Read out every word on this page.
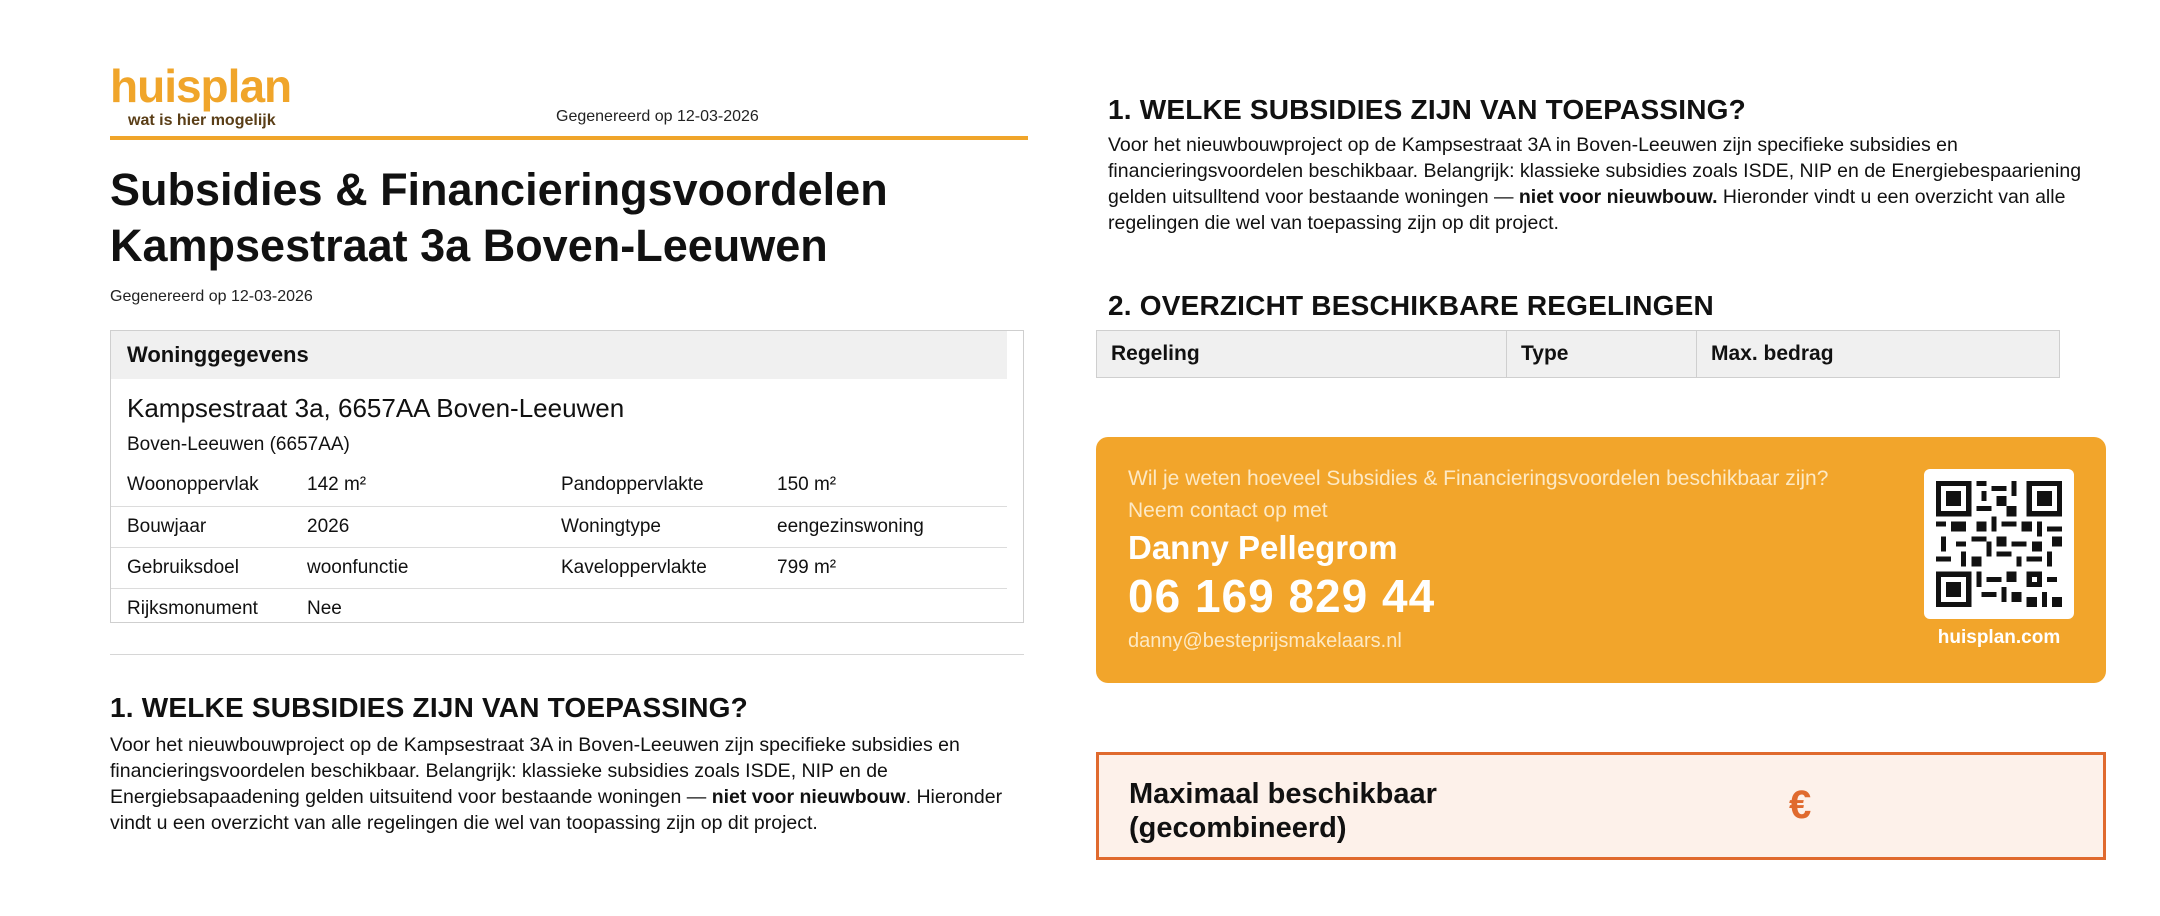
huisplan
wat is hier mogelijk	Gegenereerd op 12-03-2026
Subsidies & Financieringsvoordelen
Kampsestraat 3a Boven-Leeuwen
Gegenereerd op 12-03-2026
Woninggegevens
Kampsestraat 3a, 6657AA Boven-Leeuwen
Boven-Leeuwen (6657AA)
Woonoppervlak	142 m²	Pandoppervlakte	150 m²
Bouwjaar	2026	Woningtype	eengezinswoning
Gebruiksdoel	woonfunctie	Kaveloppervlakte	799 m²
Rijksmonument	Nee		
1. WELKE SUBSIDIES ZIJN VAN TOEPASSING?
Voor het nieuwbouwproject op de Kampsestraat 3A in Boven-Leeuwen zijn specifieke subsidies en financieringsvoordelen beschikbaar. Belangrijk: klassieke subsidies zoals ISDE, NIP en de Energiebsapaadening gelden uitsuitend voor bestaande woningen — niet voor nieuwbouw. Hieronder vindt u een overzicht van alle regelingen die wel van toopassing zijn op dit project.
1. WELKE SUBSIDIES ZIJN VAN TOEPASSING?
Voor het nieuwbouwproject op de Kampsestraat 3A in Boven-Leeuwen zijn specifieke subsidies en financieringsvoordelen beschikbaar. Belangrijk: klassieke subsidies zoals ISDE, NIP en de Energiebespaariening gelden uitsulltend voor bestaande woningen — niet voor nieuwbouw. Hieronder vindt u een overzicht van alle regelingen die wel van toepassing zijn op dit project.
2. OVERZICHT BESCHIKBARE REGELINGEN
Regeling	Type	Max. bedrag
Wil je weten hoeveel Subsidies & Financieringsvoordelen beschikbaar zijn?
Neem contact op met
Danny Pellegrom
06 169 829 44
danny@besteprijsmakelaars.nl	huisplan.com
Maximaal beschikbaar
(gecombineerd)
€
